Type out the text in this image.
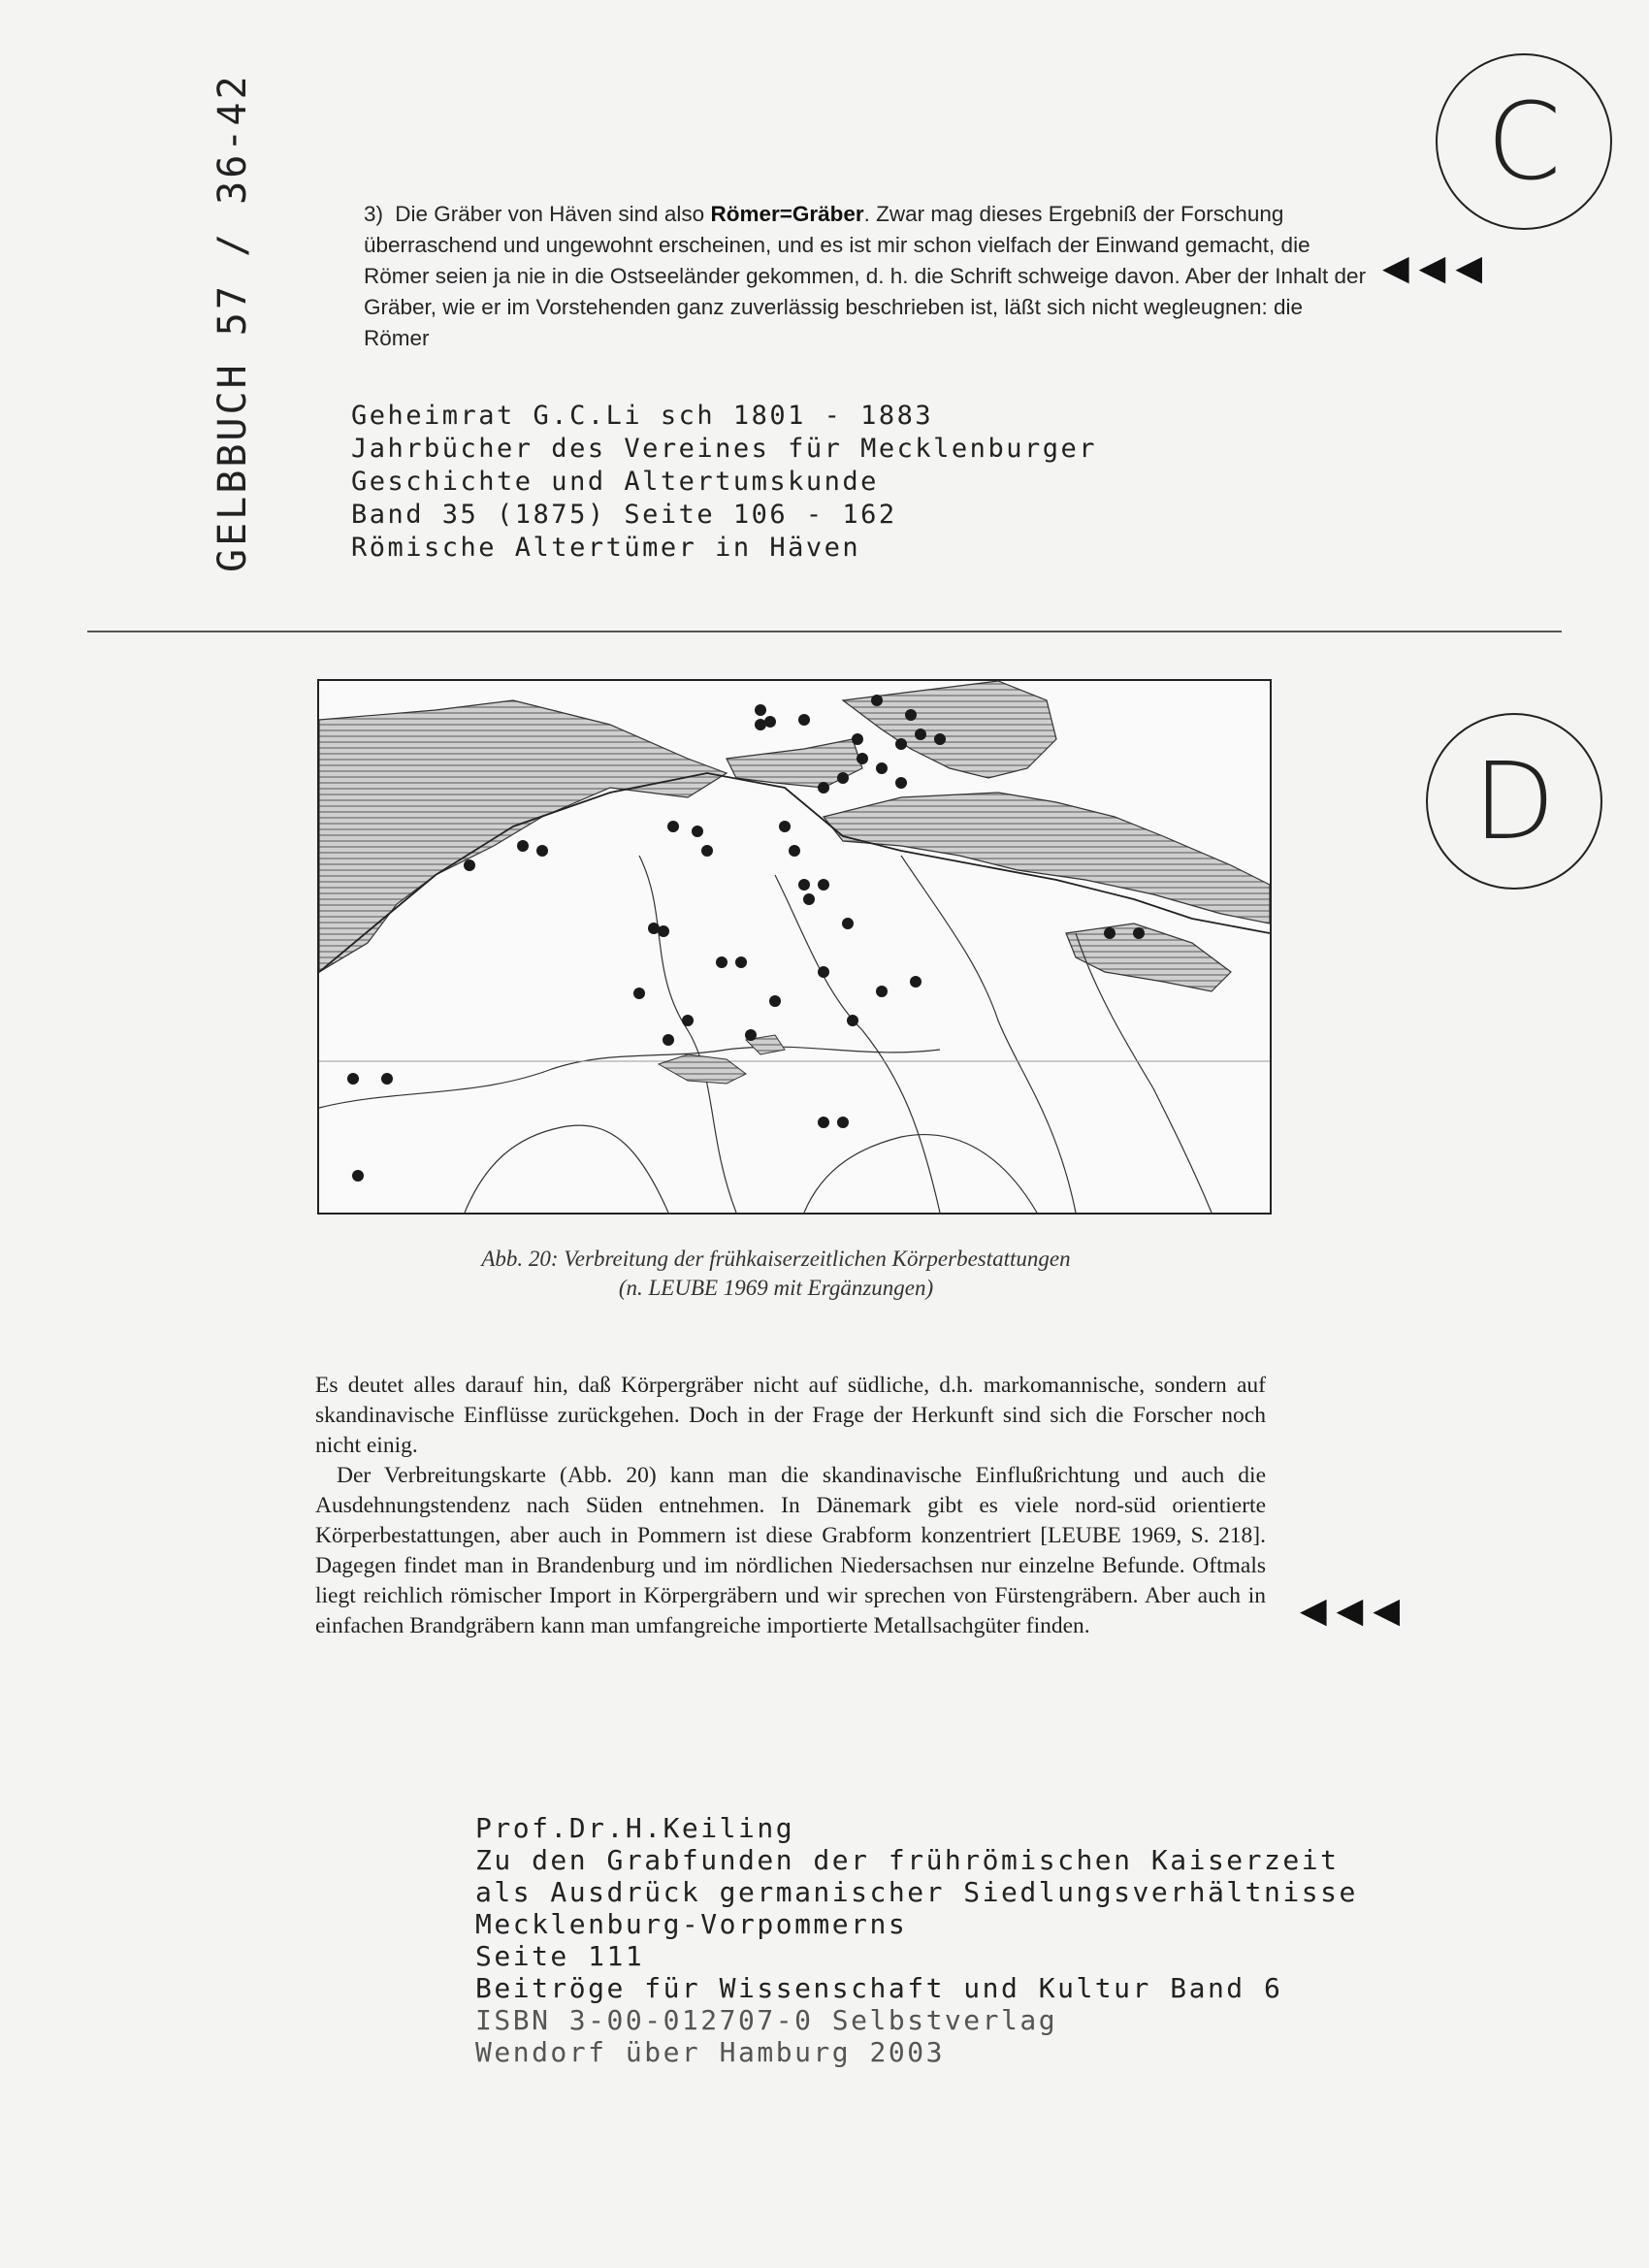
GELBBUCH 57 / 36-42	C
3) Die Gräber von Häven sind also Römer=Gräber. Zwar mag dieses Ergebniß der Forschung überraschend und ungewohnt erscheinen, und es ist mir schon vielfach der Einwand gemacht, die Römer seien ja nie in die Ostseeländer gekommen, d. h. die Schrift schweige davon. Aber der Inhalt der Gräber, wie er im Vorstehenden ganz zuverlässig beschrieben ist, läßt sich nicht wegleugnen: die Römer
◀◀◀
Geheimrat G.C.Li sch 1801 - 1883
Jahrbücher des Vereines für Mecklenburger
Geschichte und Altertumskunde
Band 35 (1875) Seite 106 - 162
Römische Altertümer in Häven
D
Abb. 20: Verbreitung der frühkaiserzeitlichen Körperbestattungen
(n. LEUBE 1969 mit Ergänzungen)

Es deutet alles darauf hin, daß Körpergräber nicht auf südliche, d.h. markomannische, sondern auf skandinavische Einflüsse zurückgehen. Doch in der Frage der Herkunft sind sich die Forscher noch nicht einig.

Der Verbreitungskarte (Abb. 20) kann man die skandinavische Einflußrichtung und auch die Ausdehnungstendenz nach Süden entnehmen. In Dänemark gibt es viele nord-süd orientierte Körperbestattungen, aber auch in Pommern ist diese Grabform konzentriert [LEUBE 1969, S. 218]. Dagegen findet man in Brandenburg und im nördlichen Niedersachsen nur einzelne Befunde. Oftmals liegt reichlich römischer Import in Körpergräbern und wir sprechen von Fürstengräbern. Aber auch in einfachen Brandgräbern kann man umfangreiche importierte Metallsachgüter finden.	◀◀◀
Prof.Dr.H.Keiling
Zu den Grabfunden der frührömischen Kaiserzeit
als Ausdrück germanischer Siedlungsverhältnisse
Mecklenburg-Vorpommerns
Seite 111
Beitröge für Wissenschaft und Kultur Band 6
ISBN 3-00-012707-0 Selbstverlag
Wendorf über Hamburg 2003
